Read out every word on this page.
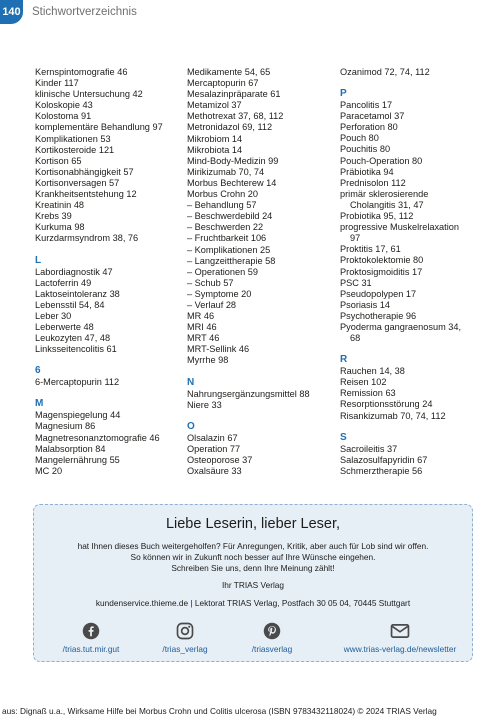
140 Stichwortverzeichnis
Kernspintomografie 46
Kinder 117
klinische Untersuchung 42
Koloskopie 43
Kolostoma 91
komplementäre Behandlung 97
Komplikationen 53
Kortikosteroide 121
Kortison 65
Kortisonabhängigkeit 57
Kortisonversagen 57
Krankheitsentstehung 12
Kreatinin 48
Krebs 39
Kurkuma 98
Kurzdarmsyndrom 38, 76
L
Labordiagnostik 47
Lactoferrin 49
Laktoseintoleranz 38
Lebensstil 54, 84
Leber 30
Leberwerte 48
Leukozyten 47, 48
Linksseitencolitis 61
6
6-Mercaptopurin 112
M
Magenspiegelung 44
Magnesium 86
Magnetresonanztomografie 46
Malabsorption 84
Mangelernährung 55
MC 20
Medikamente 54, 65
Mercaptopurin 67
Mesalazinpräparate 61
Metamizol 37
Methotrexat 37, 68, 112
Metronidazol 69, 112
Mikrobiom 14
Mikrobiota 14
Mind-Body-Medizin 99
Mirikizumab 70, 74
Morbus Bechterew 14
Morbus Crohn 20
– Behandlung 57
– Beschwerdebild 24
– Beschwerden 22
– Fruchtbarkeit 106
– Komplikationen 25
– Langzeittherapie 58
– Operationen 59
– Schub 57
– Symptome 20
– Verlauf 28
MR 46
MRI 46
MRT 46
MRT-Sellink 46
Myrrhe 98
N
Nahrungsergänzungsmittel 88
Niere 33
O
Olsalazin 67
Operation 77
Osteoporose 37
Oxalsäure 33
Ozanimod 72, 74, 112
P
Pancolitis 17
Paracetamol 37
Perforation 80
Pouch 80
Pouchitis 80
Pouch-Operation 80
Präbiotika 94
Prednisolon 112
primär sklerosierende
Cholangitis 31, 47
Probiotika 95, 112
progressive Muskelrelaxation
97
Proktitis 17, 61
Proktokolektomie 80
Proktosigmoiditis 17
PSC 31
Pseudopolypen 17
Psoriasis 14
Psychotherapie 96
Pyoderma gangraenosum 34,
68
R
Rauchen 14, 38
Reisen 102
Remission 63
Resorptionsstörung 24
Risankizumab 70, 74, 112
S
Sacroileitis 37
Salazosulfapyridin 67
Schmerztherapie 56
Liebe Leserin, lieber Leser,
hat Ihnen dieses Buch weitergeholfen? Für Anregungen, Kritik, aber auch für Lob sind wir offen.
So können wir in Zukunft noch besser auf Ihre Wünsche eingehen.
Schreiben Sie uns, denn Ihre Meinung zählt!
Ihr TRIAS Verlag
kundenservice.thieme.de | Lektorat TRIAS Verlag, Postfach 30 05 04, 70445 Stuttgart
/trias.tut.mir.gut	/trias_verlag	/triasverlag	www.trias-verlag.de/newsletter
aus: Dignaß u.a., Wirksame Hilfe bei Morbus Crohn und Colitis ulcerosa (ISBN 9783432118024) © 2024 TRIAS Verlag
